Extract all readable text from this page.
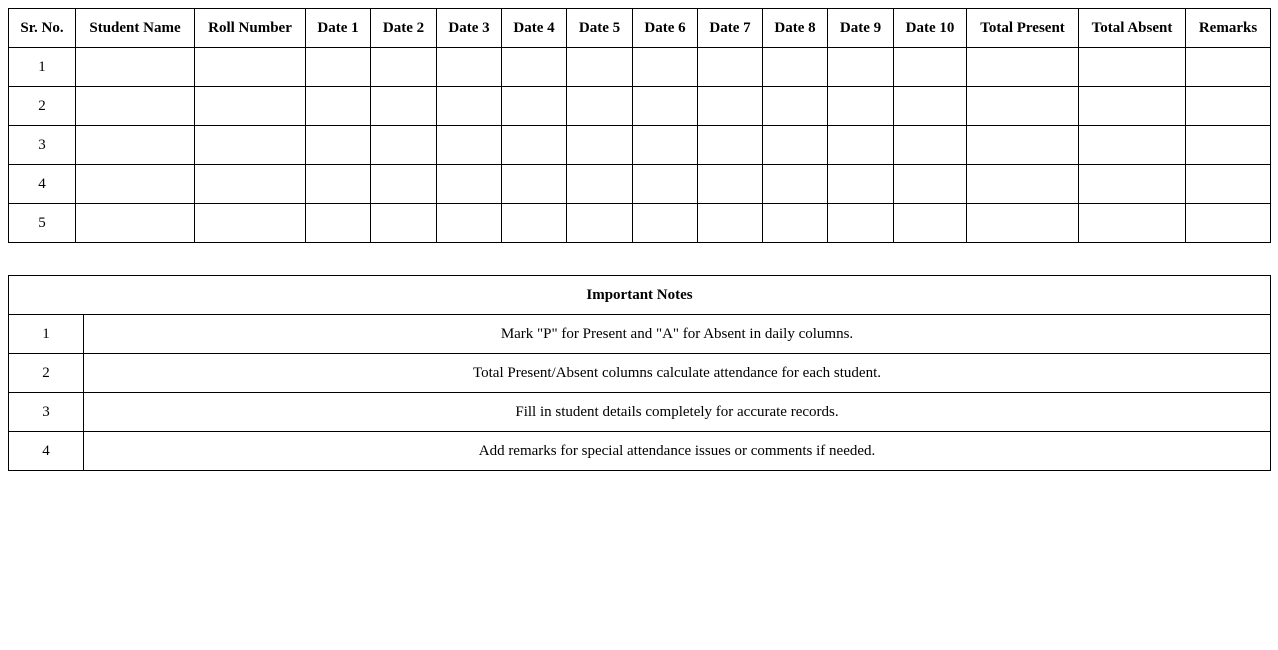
Sr. No.	Student Name	Roll Number	Date 1	Date 2	Date 3	Date 4	Date 5	Date 6	Date 7	Date 8	Date 9	Date 10	Total Present	Total Absent	Remarks
1															
2															
3															
4															
5															
Important Notes	
1	Mark "P" for Present and "A" for Absent in daily columns.
2	Total Present/Absent columns calculate attendance for each student.
3	Fill in student details completely for accurate records.
4	Add remarks for special attendance issues or comments if needed.
